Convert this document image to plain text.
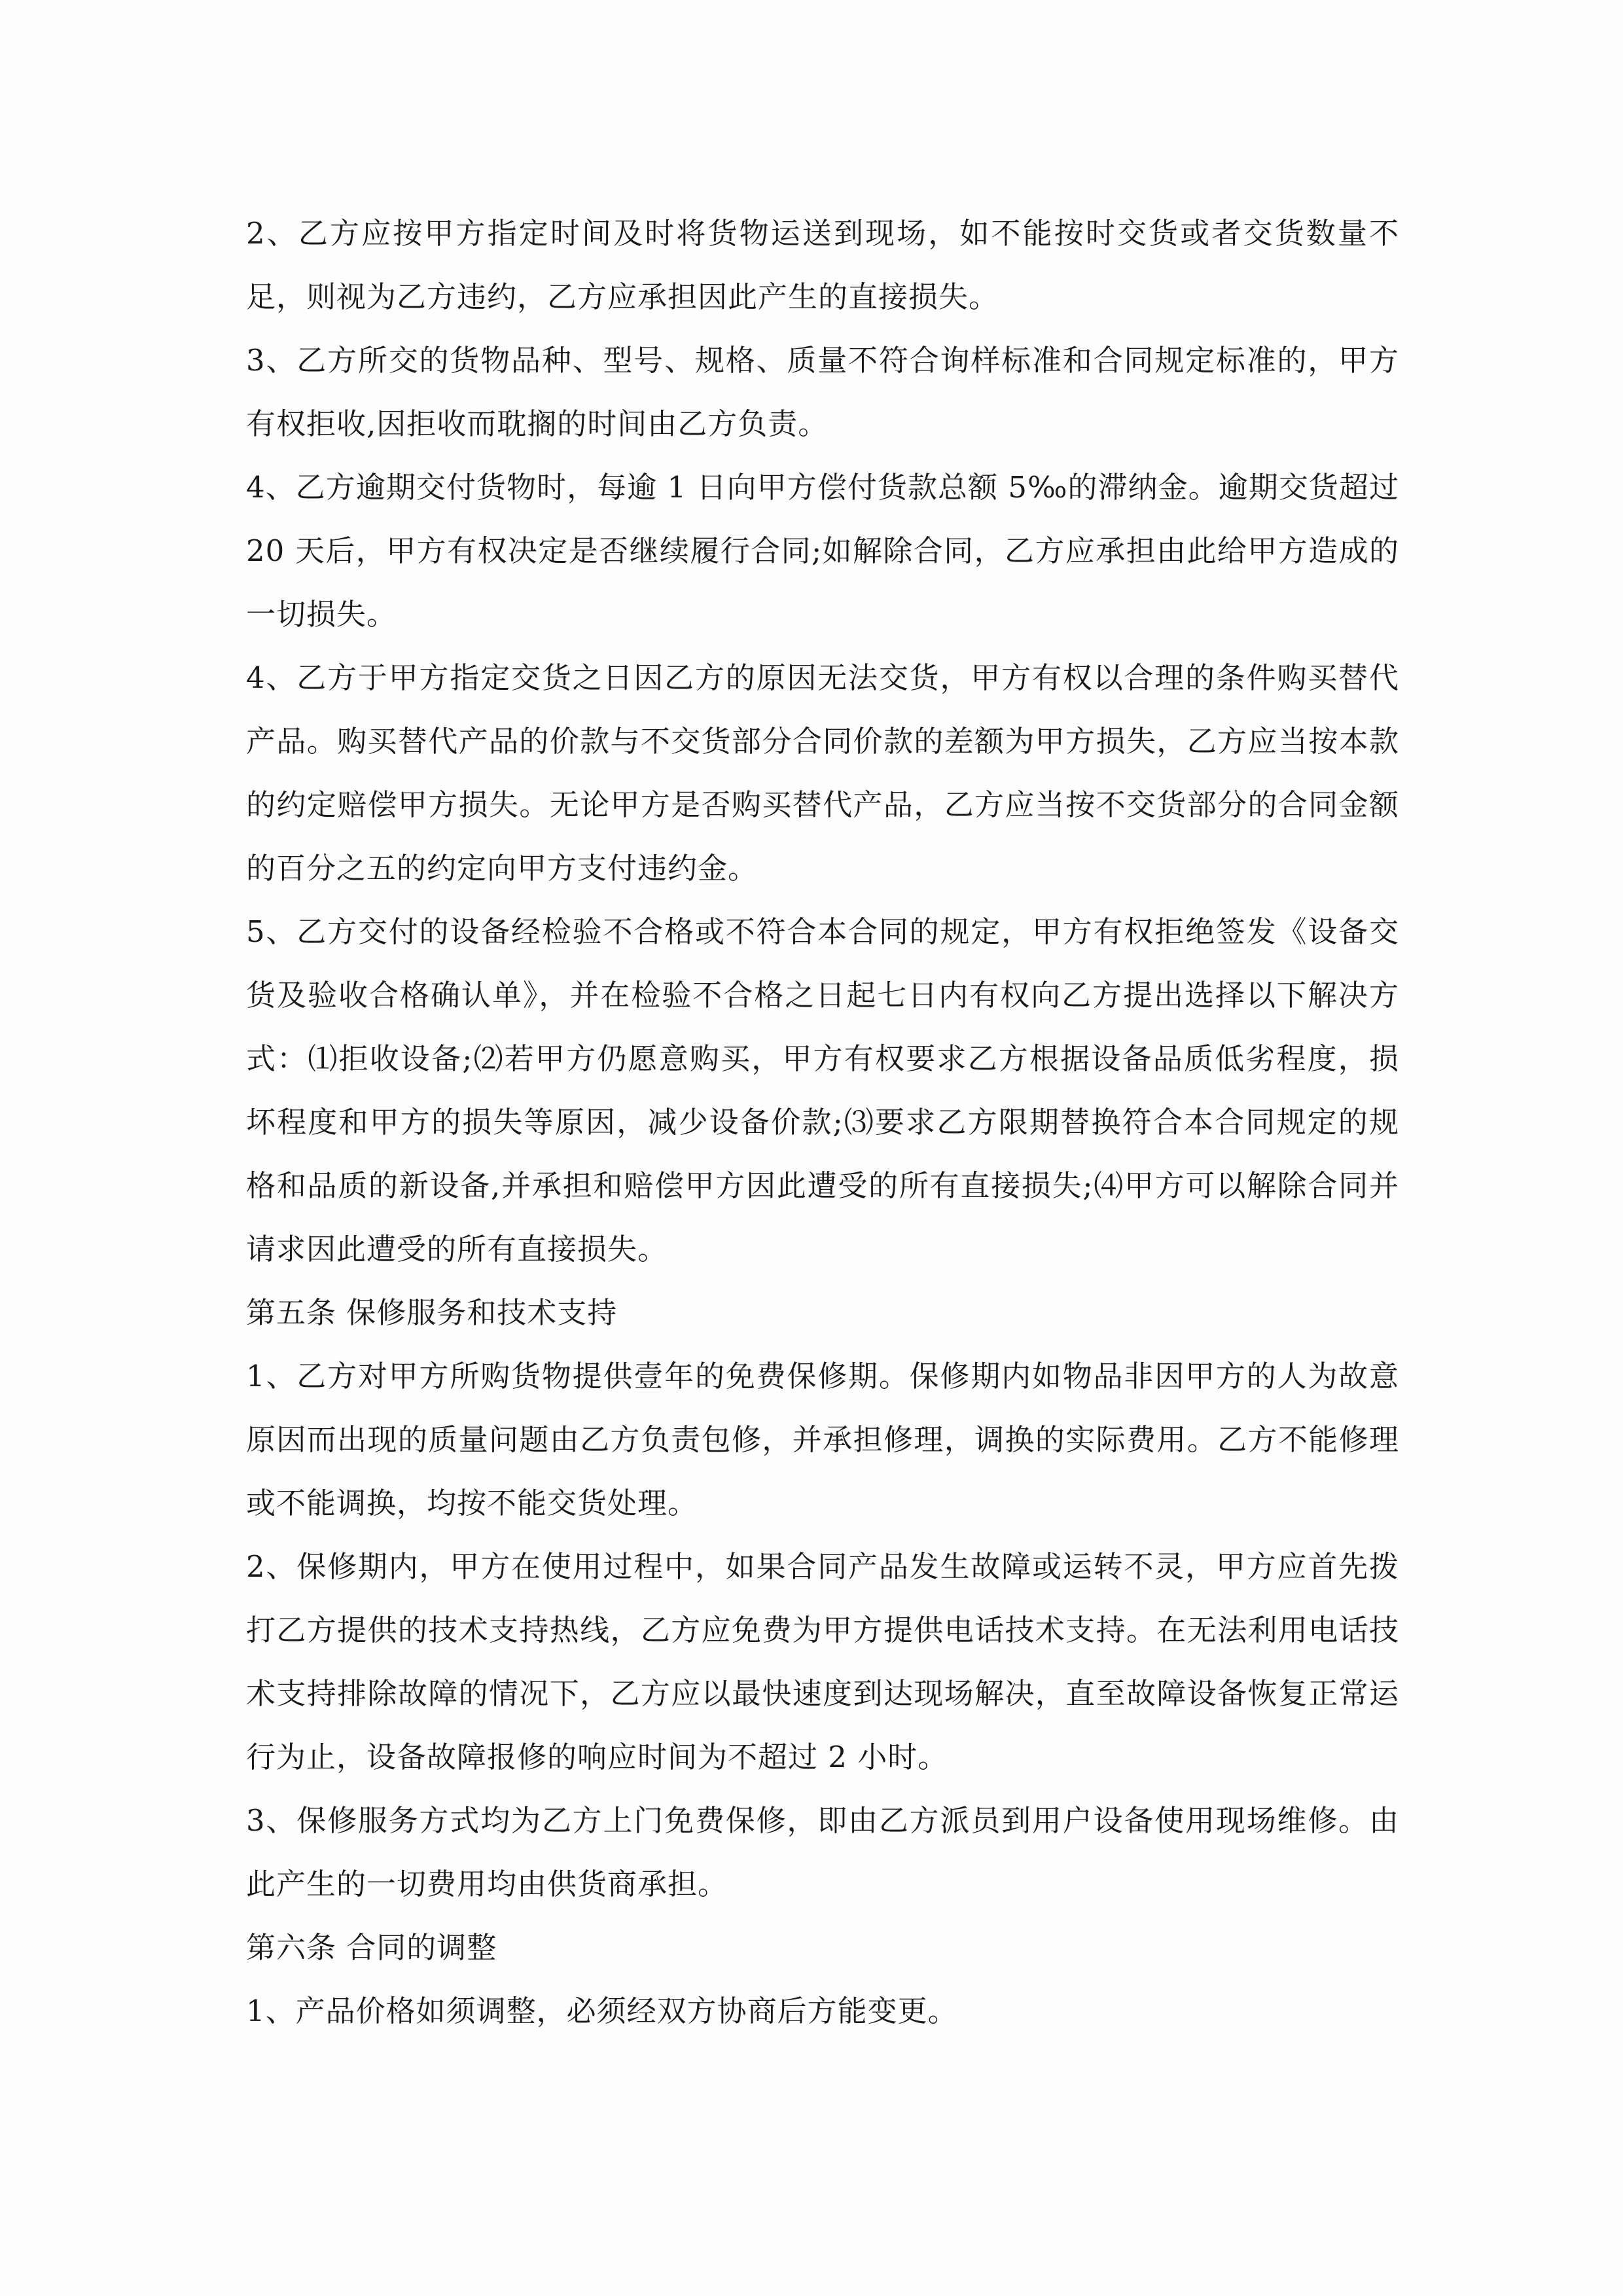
2、乙方应按甲方指定时间及时将货物运送到现场，如不能按时交货或者交货数量不足，则视为乙方违约，乙方应承担因此产生的直接损失。

3、乙方所交的货物品种、型号、规格、质量不符合询样标准和合同规定标准的，甲方有权拒收,因拒收而耽搁的时间由乙方负责。

4、乙方逾期交付货物时，每逾 1 日向甲方偿付货款总额 5‰的滞纳金。逾期交货超过 20 天后，甲方有权决定是否继续履行合同;如解除合同，乙方应承担由此给甲方造成的一切损失。

4、乙方于甲方指定交货之日因乙方的原因无法交货，甲方有权以合理的条件购买替代产品。购买替代产品的价款与不交货部分合同价款的差额为甲方损失，乙方应当按本款的约定赔偿甲方损失。无论甲方是否购买替代产品，乙方应当按不交货部分的合同金额的百分之五的约定向甲方支付违约金。

5、乙方交付的设备经检验不合格或不符合本合同的规定，甲方有权拒绝签发《设备交货及验收合格确认单》，并在检验不合格之日起七日内有权向乙方提出选择以下解决方式：⑴拒收设备;⑵若甲方仍愿意购买，甲方有权要求乙方根据设备品质低劣程度，损坏程度和甲方的损失等原因，减少设备价款;⑶要求乙方限期替换符合本合同规定的规格和品质的新设备,并承担和赔偿甲方因此遭受的所有直接损失;⑷甲方可以解除合同并请求因此遭受的所有直接损失。

第五条 保修服务和技术支持

1、乙方对甲方所购货物提供壹年的免费保修期。保修期内如物品非因甲方的人为故意原因而出现的质量问题由乙方负责包修，并承担修理，调换的实际费用。乙方不能修理或不能调换，均按不能交货处理。

2、保修期内，甲方在使用过程中，如果合同产品发生故障或运转不灵，甲方应首先拨打乙方提供的技术支持热线，乙方应免费为甲方提供电话技术支持。在无法利用电话技术支持排除故障的情况下，乙方应以最快速度到达现场解决，直至故障设备恢复正常运行为止，设备故障报修的响应时间为不超过 2 小时。

3、保修服务方式均为乙方上门免费保修，即由乙方派员到用户设备使用现场维修。由此产生的一切费用均由供货商承担。

第六条 合同的调整

1、产品价格如须调整，必须经双方协商后方能变更。
